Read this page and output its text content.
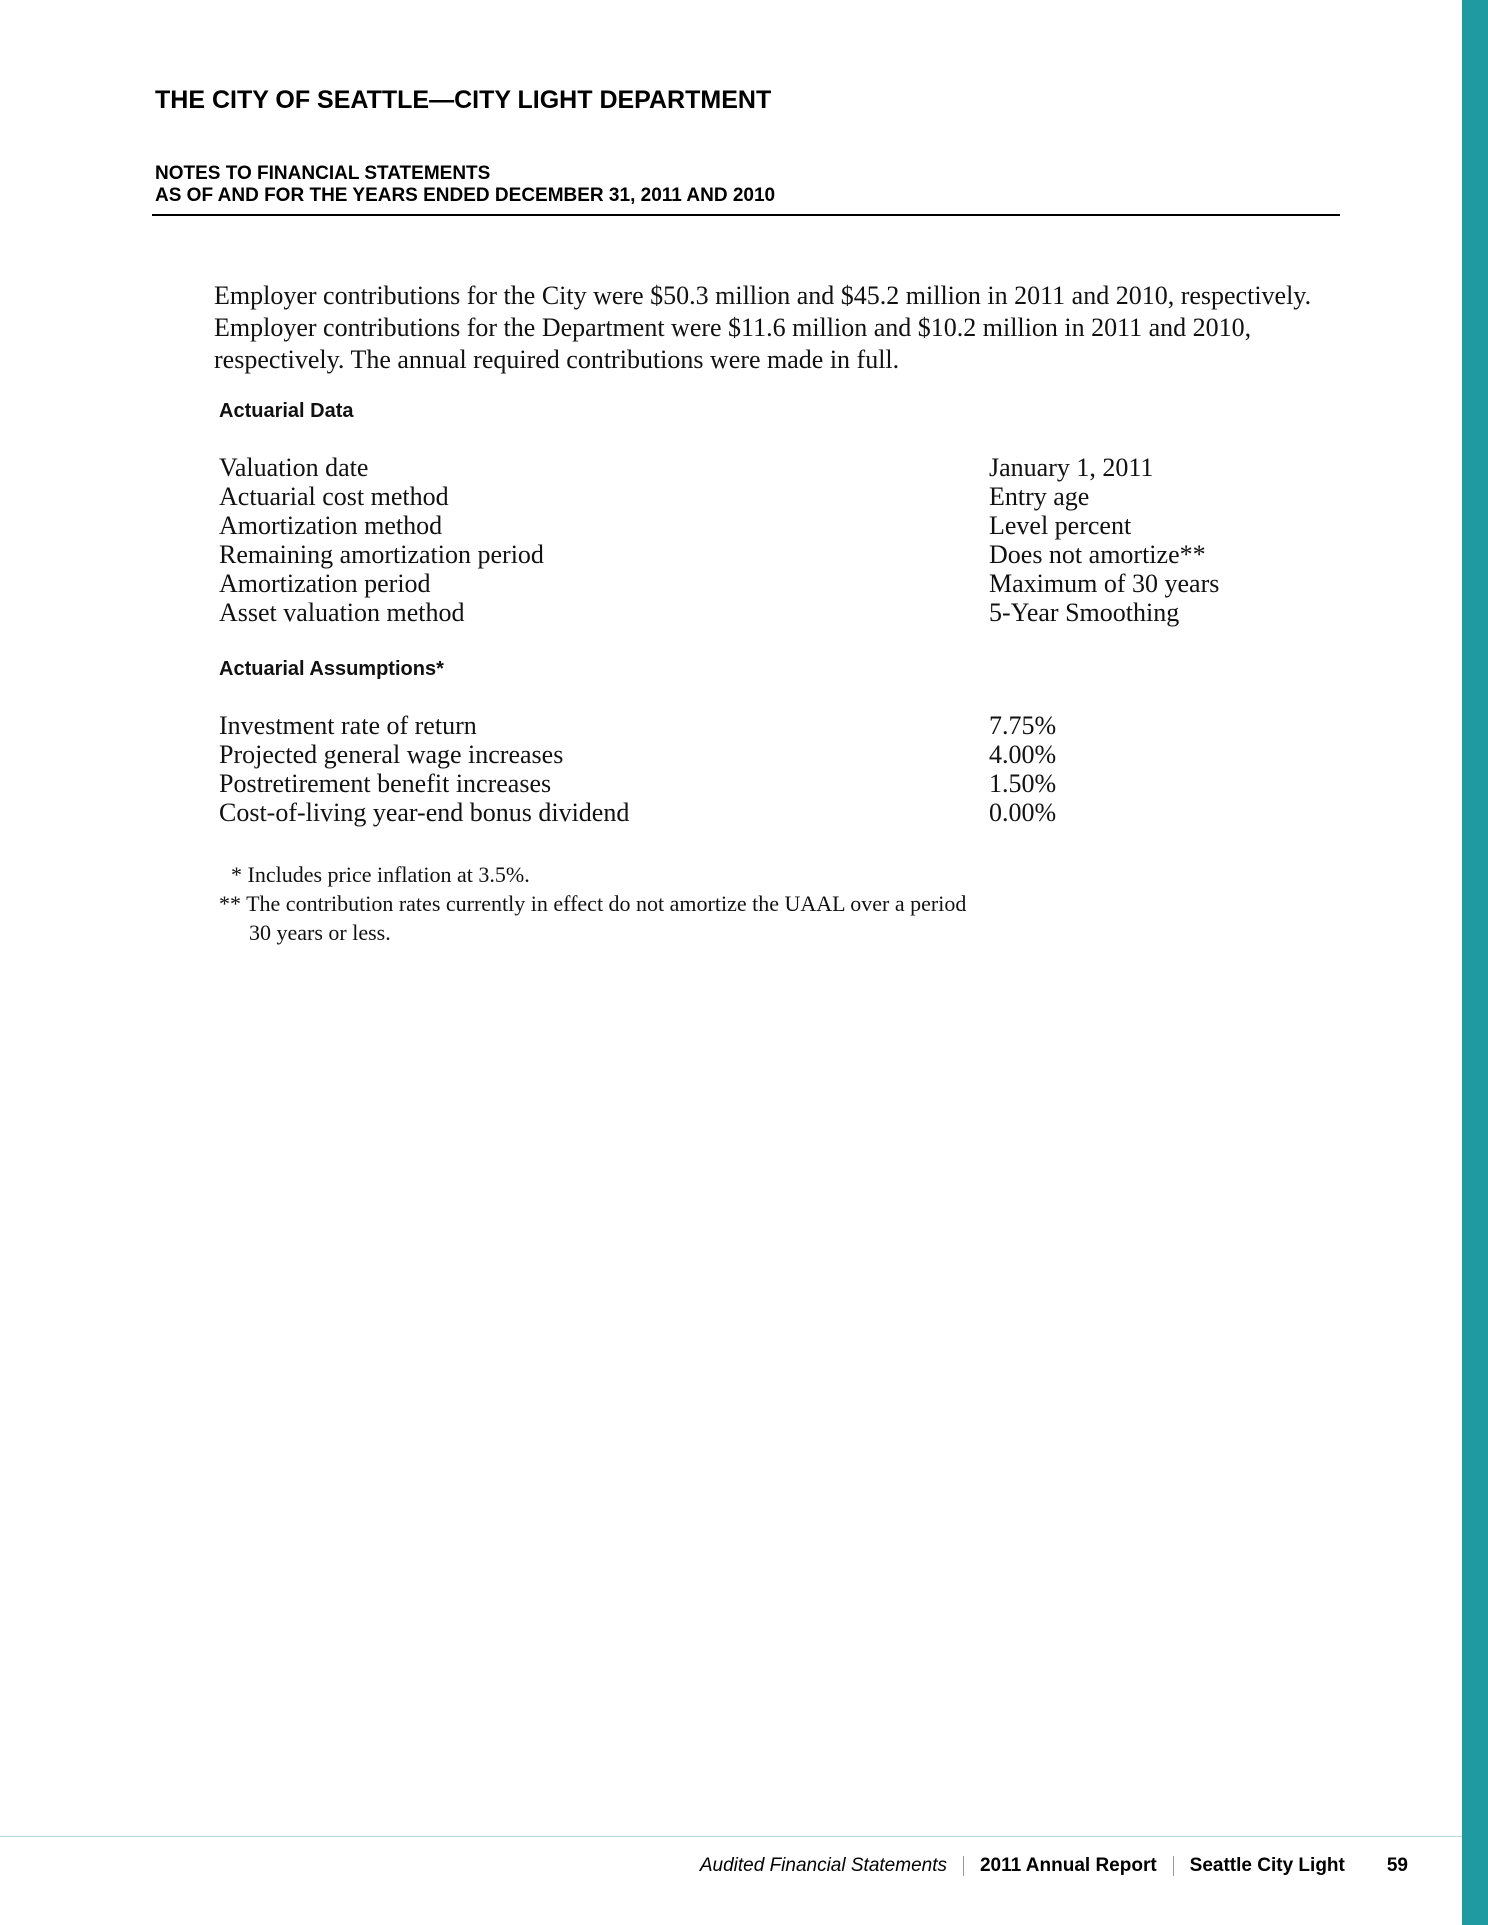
THE CITY OF SEATTLE—CITY LIGHT DEPARTMENT
NOTES TO FINANCIAL STATEMENTS
AS OF AND FOR THE YEARS ENDED DECEMBER 31, 2011 AND 2010

Employer contributions for the City were $50.3 million and $45.2 million in 2011 and 2010, respectively. Employer contributions for the Department were $11.6 million and $10.2 million in 2011 and 2010, respectively. The annual required contributions were made in full.

Actuarial Data
Valuation date	January 1, 2011
Actuarial cost method	Entry age
Amortization method	Level percent
Remaining amortization period	Does not amortize**
Amortization period	Maximum of 30 years
Asset valuation method	5-Year Smoothing
Actuarial Assumptions*
Investment rate of return	7.75%
Projected general wage increases	4.00%
Postretirement benefit increases	1.50%
Cost-of-living year-end bonus dividend	0.00%
* Includes price inflation at 3.5%.
** The contribution rates currently in effect do not amortize the UAAL over a period
30 years or less.
Audited Financial Statements 2011 Annual Report Seattle City Light 59
